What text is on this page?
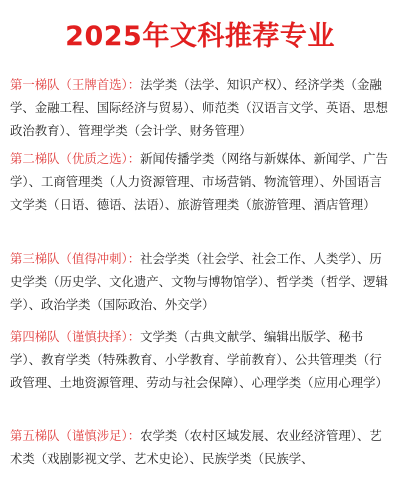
2025年文科推荐专业
第一梯队（王牌首选）：法学类（法学、知识产权）、经济学类（金融学、金融工程、国际经济与贸易）、师范类（汉语言文学、英语、思想政治教育）、管理学类（会计学、财务管理）
第二梯队（优质之选）：新闻传播学类（网络与新媒体、新闻学、广告学）、工商管理类（人力资源管理、市场营销、物流管理）、外国语言文学类（日语、德语、法语）、旅游管理类（旅游管理、酒店管理）
第三梯队（值得冲刺）：社会学类（社会学、社会工作、人类学）、历史学类（历史学、文化遗产、文物与博物馆学）、哲学类（哲学、逻辑学）、政治学类（国际政治、外交学）
第四梯队（谨慎抉择）：文学类（古典文献学、编辑出版学、秘书学）、教育学类（特殊教育、小学教育、学前教育）、公共管理类（行政管理、土地资源管理、劳动与社会保障）、心理学类（应用心理学）
第五梯队（谨慎涉足）：农学类（农村区域发展、农业经济管理）、艺术类（戏剧影视文学、艺术史论）、民族学类（民族学、
